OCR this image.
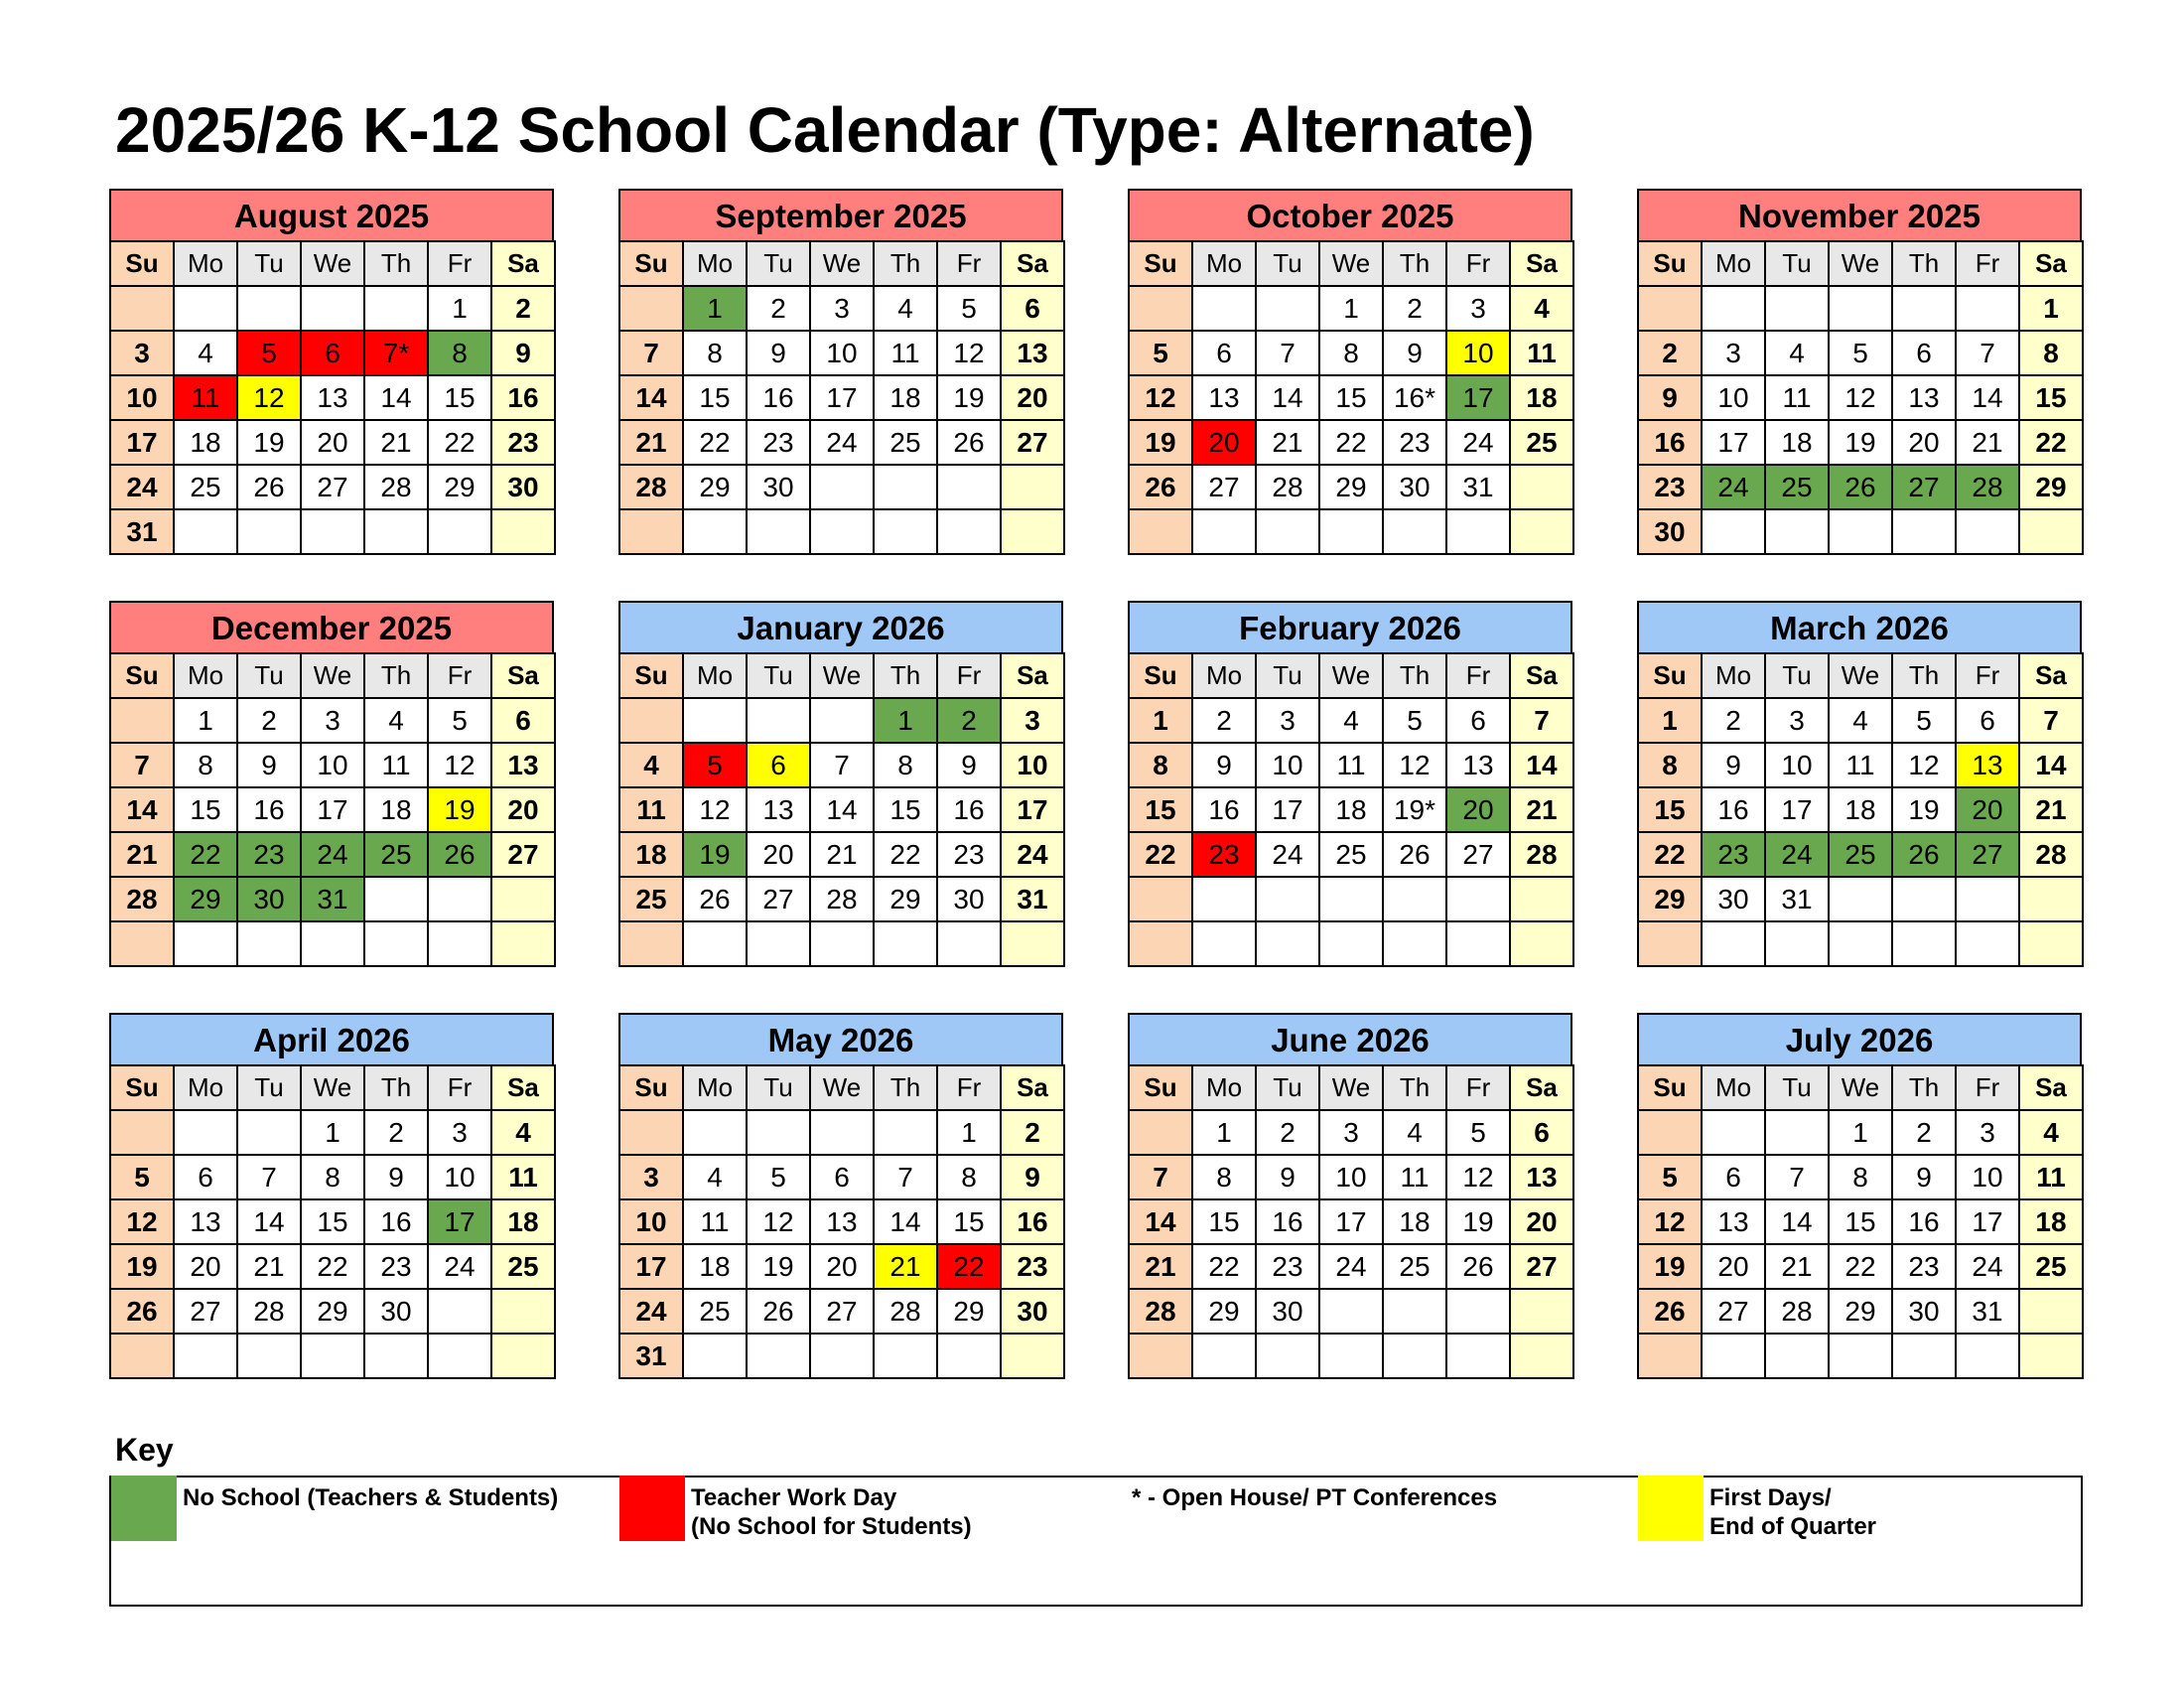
2025/26 K-12 School Calendar (Type: Alternate)
August 2025
Su	Mo	Tu	We	Th	Fr	Sa
					1	2
3	4	5	6	7*	8	9
10	11	12	13	14	15	16
17	18	19	20	21	22	23
24	25	26	27	28	29	30
31						
September 2025
Su	Mo	Tu	We	Th	Fr	Sa
	1	2	3	4	5	6
7	8	9	10	11	12	13
14	15	16	17	18	19	20
21	22	23	24	25	26	27
28	29	30				

October 2025
Su	Mo	Tu	We	Th	Fr	Sa
			1	2	3	4
5	6	7	8	9	10	11
12	13	14	15	16*	17	18
19	20	21	22	23	24	25
26	27	28	29	30	31	

November 2025
Su	Mo	Tu	We	Th	Fr	Sa
						1
2	3	4	5	6	7	8
9	10	11	12	13	14	15
16	17	18	19	20	21	22
23	24	25	26	27	28	29
30						
December 2025
Su	Mo	Tu	We	Th	Fr	Sa
	1	2	3	4	5	6
7	8	9	10	11	12	13
14	15	16	17	18	19	20
21	22	23	24	25	26	27
28	29	30	31			

January 2026
Su	Mo	Tu	We	Th	Fr	Sa
				1	2	3
4	5	6	7	8	9	10
11	12	13	14	15	16	17
18	19	20	21	22	23	24
25	26	27	28	29	30	31

February 2026
Su	Mo	Tu	We	Th	Fr	Sa
1	2	3	4	5	6	7
8	9	10	11	12	13	14
15	16	17	18	19*	20	21
22	23	24	25	26	27	28

March 2026
Su	Mo	Tu	We	Th	Fr	Sa
1	2	3	4	5	6	7
8	9	10	11	12	13	14
15	16	17	18	19	20	21
22	23	24	25	26	27	28
29	30	31				

April 2026
Su	Mo	Tu	We	Th	Fr	Sa
			1	2	3	4
5	6	7	8	9	10	11
12	13	14	15	16	17	18
19	20	21	22	23	24	25
26	27	28	29	30		

May 2026
Su	Mo	Tu	We	Th	Fr	Sa
					1	2
3	4	5	6	7	8	9
10	11	12	13	14	15	16
17	18	19	20	21	22	23
24	25	26	27	28	29	30
31						
June 2026
Su	Mo	Tu	We	Th	Fr	Sa
	1	2	3	4	5	6
7	8	9	10	11	12	13
14	15	16	17	18	19	20
21	22	23	24	25	26	27
28	29	30				

July 2026
Su	Mo	Tu	We	Th	Fr	Sa
			1	2	3	4
5	6	7	8	9	10	11
12	13	14	15	16	17	18
19	20	21	22	23	24	25
26	27	28	29	30	31	

Key
No School (Teachers & Students)	Teacher Work Day
(No School for Students)
* - Open House/ PT Conferences	First Days/
End of Quarter
